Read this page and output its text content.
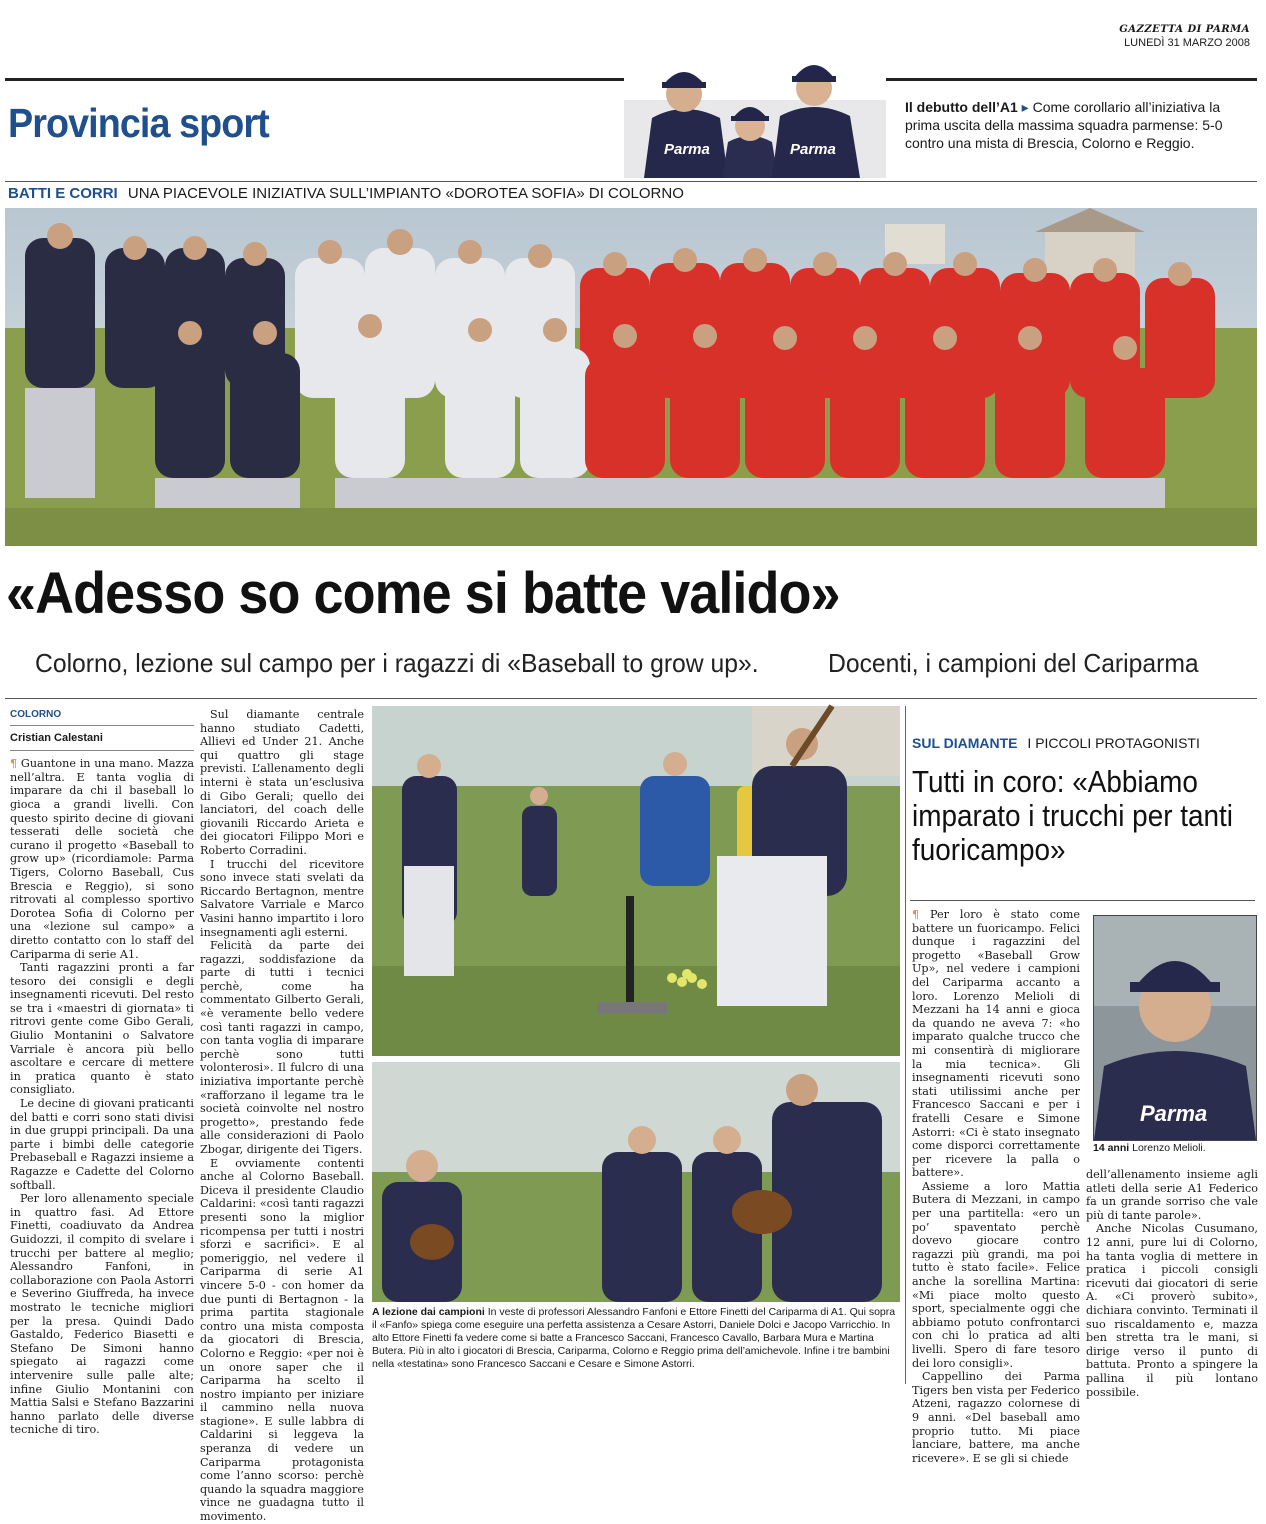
GAZZETTA DI PARMA
LUNEDÌ 31 MARZO 2008
Provincia sport
Parma	Parma
Il debutto dell’A1 ▸ Come corollario all’iniziativa la prima uscita della massima squadra parmense: 5-0 contro una mista di Brescia, Colorno e Reggio.
BATTI E CORRI UNA PIACEVOLE INIZIATIVA SULL’IMPIANTO «DOROTEA SOFIA» DI COLORNO
«Adesso so come si batte valido»
Colorno, lezione sul campo per i ragazzi di «Baseball to grow up».	Docenti, i campioni del Cariparma
COLORNO
Cristian Calestani

¶ Guantone in una mano. Mazza nell’altra. E tanta voglia di imparare da chi il baseball lo gioca a grandi livelli. Con questo spirito decine di giovani tesserati delle società che curano il progetto «Baseball to grow up» (ricordiamole: Parma Tigers, Colorno Baseball, Cus Brescia e Reggio), si sono ritrovati al complesso sportivo Dorotea Sofia di Colorno per una «lezione sul campo» a diretto contatto con lo staff del Cariparma di serie A1.

Tanti ragazzini pronti a far tesoro dei consigli e degli insegnamenti ricevuti. Del resto se tra i «maestri di giornata» ti ritrovi gente come Gibo Gerali, Giulio Montanini o Salvatore Varriale è ancora più bello ascoltare e cercare di mettere in pratica quanto è stato consigliato.

Le decine di giovani praticanti del batti e corri sono stati divisi in due gruppi principali. Da una parte i bimbi delle categorie Prebaseball e Ragazzi insieme a Ragazze e Cadette del Colorno softball.

Per loro allenamento speciale in quattro fasi. Ad Ettore Finetti, coadiuvato da Andrea Guidozzi, il compito di svelare i trucchi per battere al meglio; Alessandro Fanfoni, in collaborazione con Paola Astorri e Severino Giuffreda, ha invece mostrato le tecniche migliori per la presa. Quindi Dado Gastaldo, Federico Biasetti e Stefano De Simoni hanno spiegato ai ragazzi come intervenire sulle palle alte; infine Giulio Montanini con Mattia Salsi e Stefano Bazzarini hanno parlato delle diverse tecniche di tiro.

Sul diamante centrale hanno studiato Cadetti, Allievi ed Under 21. Anche qui quattro gli stage previsti. L’allenamento degli interni è stata un’esclusiva di Gibo Gerali; quello dei lanciatori, del coach delle giovanili Riccardo Arieta e dei giocatori Filippo Mori e Roberto Corradini.

I trucchi del ricevitore sono invece stati svelati da Riccardo Bertagnon, mentre Salvatore Varriale e Marco Vasini hanno impartito i loro insegnamenti agli esterni.

Felicità da parte dei ragazzi, soddisfazione da parte di tutti i tecnici perchè, come ha commentato Gilberto Gerali, «è veramente bello vedere così tanti ragazzi in campo, con tanta voglia di imparare perchè sono tutti volonterosi». Il fulcro di una iniziativa importante perchè «rafforzano il legame tra le società coinvolte nel nostro progetto», prestando fede alle considerazioni di Paolo Zbogar, dirigente dei Tigers.

E ovviamente contenti anche al Colorno Baseball. Diceva il presidente Claudio Caldarini: «così tanti ragazzi presenti sono la miglior ricompensa per tutti i nostri sforzi e sacrifici». E al pomeriggio, nel vedere il Cariparma di serie A1 vincere 5-0 - con homer da due punti di Bertagnon - la prima partita stagionale contro una mista composta da giocatori di Brescia, Colorno e Reggio: «per noi è un onore saper che il Cariparma ha scelto il nostro impianto per iniziare il cammino nella nuova stagione». E sulle labbra di Caldarini si leggeva la speranza di vedere un Cariparma protagonista come l’anno scorso: perchè quando la squadra maggiore vince ne guadagna tutto il movimento.

A lezione dai campioni In veste di professori Alessandro Fanfoni e Ettore Finetti del Cariparma di A1. Qui sopra il «Fanfo» spiega come eseguire una perfetta assistenza a Cesare Astorri, Daniele Dolci e Jacopo Varricchio. In alto Ettore Finetti fa vedere come si batte a Francesco Saccani, Francesco Cavallo, Barbara Mura e Martina Butera. Più in alto i giocatori di Brescia, Cariparma, Colorno e Reggio prima dell’amichevole. Infine i tre bambini nella «testatina» sono Francesco Saccani e Cesare e Simone Astorri.
SUL DIAMANTE I PICCOLI PROTAGONISTI
Tutti in coro: «Abbiamo imparato i trucchi per tanti fuoricampo»

¶ Per loro è stato come battere un fuoricampo. Felici dunque i ragazzini del progetto «Baseball Grow Up», nel vedere i campioni del Cariparma accanto a loro. Lorenzo Melioli di Mezzani ha 14 anni e gioca da quando ne aveva 7: «ho imparato qualche trucco che mi consentirà di migliorare la mia tecnica». Gli insegnamenti ricevuti sono stati utilissimi anche per Francesco Saccani e per i fratelli Cesare e Simone Astorri: «Ci è stato insegnato come disporci correttamente per ricevere la palla o battere».

Assieme a loro Mattia Butera di Mezzani, in campo per una partitella: «ero un po’ spaventato perchè dovevo giocare contro ragazzi più grandi, ma poi tutto è stato facile». Felice anche la sorellina Martina: «Mi piace molto questo sport, specialmente oggi che abbiamo potuto confrontarci con chi lo pratica ad alti livelli. Spero di fare tesoro dei loro consigli».

Cappellino dei Parma Tigers ben vista per Federico Atzeni, ragazzo colornese di 9 anni. «Del baseball amo proprio tutto. Mi piace lanciare, battere, ma anche ricevere». E se gli si chiede

Parma
14 anni Lorenzo Melioli.

dell’allenamento insieme agli atleti della serie A1 Federico fa un grande sorriso che vale più di tante parole».

Anche Nicolas Cusumano, 12 anni, pure lui di Colorno, ha tanta voglia di mettere in pratica i piccoli consigli ricevuti dai giocatori di serie A. «Ci proverò subito», dichiara convinto. Terminati il suo riscaldamento e, mazza ben stretta tra le mani, si dirige verso il punto di battuta. Pronto a spingere la pallina il più lontano possibile.
